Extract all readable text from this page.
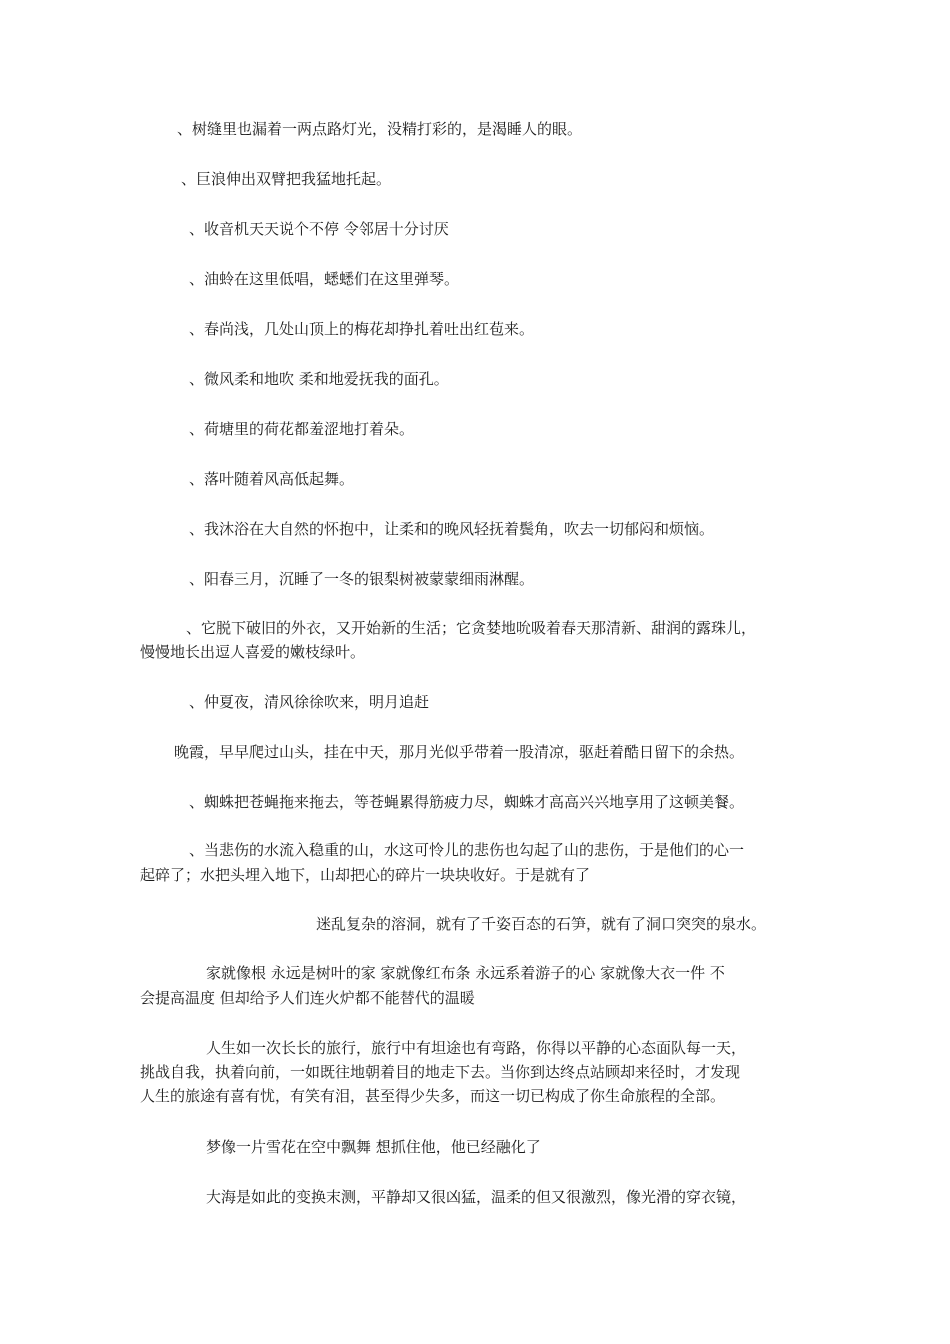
、树缝里也漏着一两点路灯光，没精打彩的，是渴睡人的眼。
、巨浪伸出双臂把我猛地托起。
、收音机天天说个不停 令邻居十分讨厌
、油蛉在这里低唱，蟋蟋们在这里弹琴。
、春尚浅，几处山顶上的梅花却挣扎着吐出红苞来。
、微风柔和地吹 柔和地爱抚我的面孔。
、荷塘里的荷花都羞涩地打着朵。
、落叶随着风高低起舞。
、我沐浴在大自然的怀抱中，让柔和的晚风轻抚着鬓角，吹去一切郁闷和烦恼。
、阳春三月，沉睡了一冬的银梨树被蒙蒙细雨淋醒。
、它脱下破旧的外衣，又开始新的生活；它贪婪地吮吸着春天那清新、甜润的露珠儿，
慢慢地长出逗人喜爱的嫩枝绿叶。
、仲夏夜，清风徐徐吹来，明月追赶
晚霞，早早爬过山头，挂在中天，那月光似乎带着一股清凉，驱赶着酷日留下的余热。
、蜘蛛把苍蝇拖来拖去，等苍蝇累得筋疲力尽，蜘蛛才高高兴兴地享用了这顿美餐。
、当悲伤的水流入稳重的山，水这可怜儿的悲伤也勾起了山的悲伤，于是他们的心一
起碎了；水把头埋入地下，山却把心的碎片一块块收好。于是就有了
迷乱复杂的溶洞，就有了千姿百态的石笋，就有了洞口突突的泉水。
家就像根 永远是树叶的家 家就像红布条 永远系着游子的心 家就像大衣一件 不
会提高温度 但却给予人们连火炉都不能替代的温暖
人生如一次长长的旅行，旅行中有坦途也有弯路，你得以平静的心态面队每一天，
挑战自我，执着向前，一如既往地朝着目的地走下去。当你到达终点站顾却来径时，才发现
人生的旅途有喜有忧，有笑有泪，甚至得少失多，而这一切已构成了你生命旅程的全部。
梦像一片雪花在空中飘舞 想抓住他，他已经融化了
大海是如此的变换末测，平静却又很凶猛，温柔的但又很激烈，像光滑的穿衣镜，
